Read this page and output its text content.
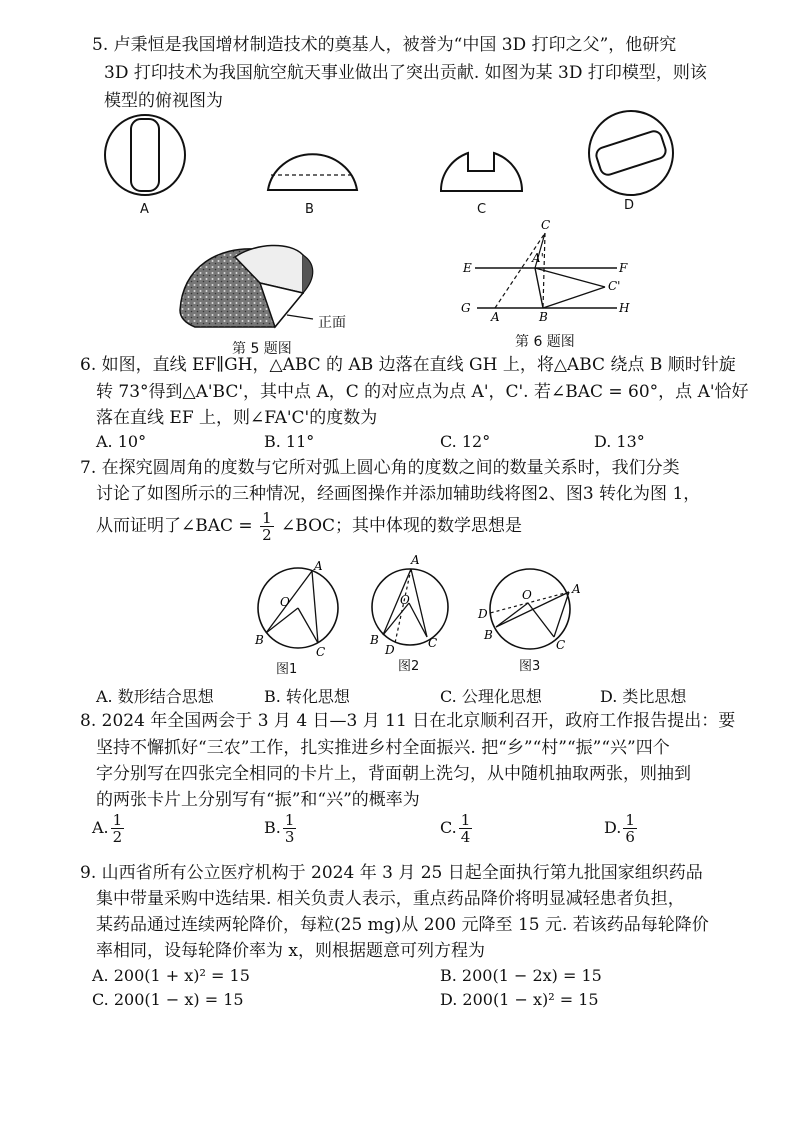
5. 卢秉恒是我国增材制造技术的奠基人，被誉为“中国 3D 打印之父”，他研究
3D 打印技术为我国航空航天事业做出了突出贡献. 如图为某 3D 打印模型，则该
模型的俯视图为
A	B	C	D
正面
第 5 题图
C
A'
E	F
C'
G
A	B
H
第 6 题图
6. 如图，直线 EF∥GH，△ABC 的 AB 边落在直线 GH 上，将△ABC 绕点 B 顺时针旋
转 73°得到△A'BC'，其中点 A，C 的对应点为点 A'，C'. 若∠BAC = 60°，点 A'恰好
落在直线 EF 上，则∠FA'C'的度数为
A. 10°	B. 11°	C. 12°	D. 13°
7. 在探究圆周角的度数与它所对弧上圆心角的度数之间的数量关系时，我们分类
讨论了如图所示的三种情况，经画图操作并添加辅助线将图2、图3 转化为图 1，
从而证明了∠BAC = $\frac{1}{2}$ ∠BOC；其中体现的数学思想是
A
O
B
C
图1
A
O
B
D	C
图2
A
O
D
B
C
图3
A. 数形结合思想	B. 转化思想	C. 公理化思想	D. 类比思想
8. 2024 年全国两会于 3 月 4 日—3 月 11 日在北京顺利召开，政府工作报告提出：要
坚持不懈抓好“三农”工作，扎实推进乡村全面振兴. 把“乡”“村”“振”“兴”四个
字分别写在四张完全相同的卡片上，背面朝上洗匀，从中随机抽取两张，则抽到
的两张卡片上分别写有“振”和“兴”的概率为
A. $\frac{1}{2}$	B. $\frac{1}{3}$	C. $\frac{1}{4}$	D. $\frac{1}{6}$
9. 山西省所有公立医疗机构于 2024 年 3 月 25 日起全面执行第九批国家组织药品
集中带量采购中选结果. 相关负责人表示，重点药品降价将明显减轻患者负担，
某药品通过连续两轮降价，每粒(25 mg)从 200 元降至 15 元. 若该药品每轮降价
率相同，设每轮降价率为 x，则根据题意可列方程为
A. 200(1 + x)² = 15	B. 200(1 − 2x) = 15
C. 200(1 − x) = 15	D. 200(1 − x)² = 15
